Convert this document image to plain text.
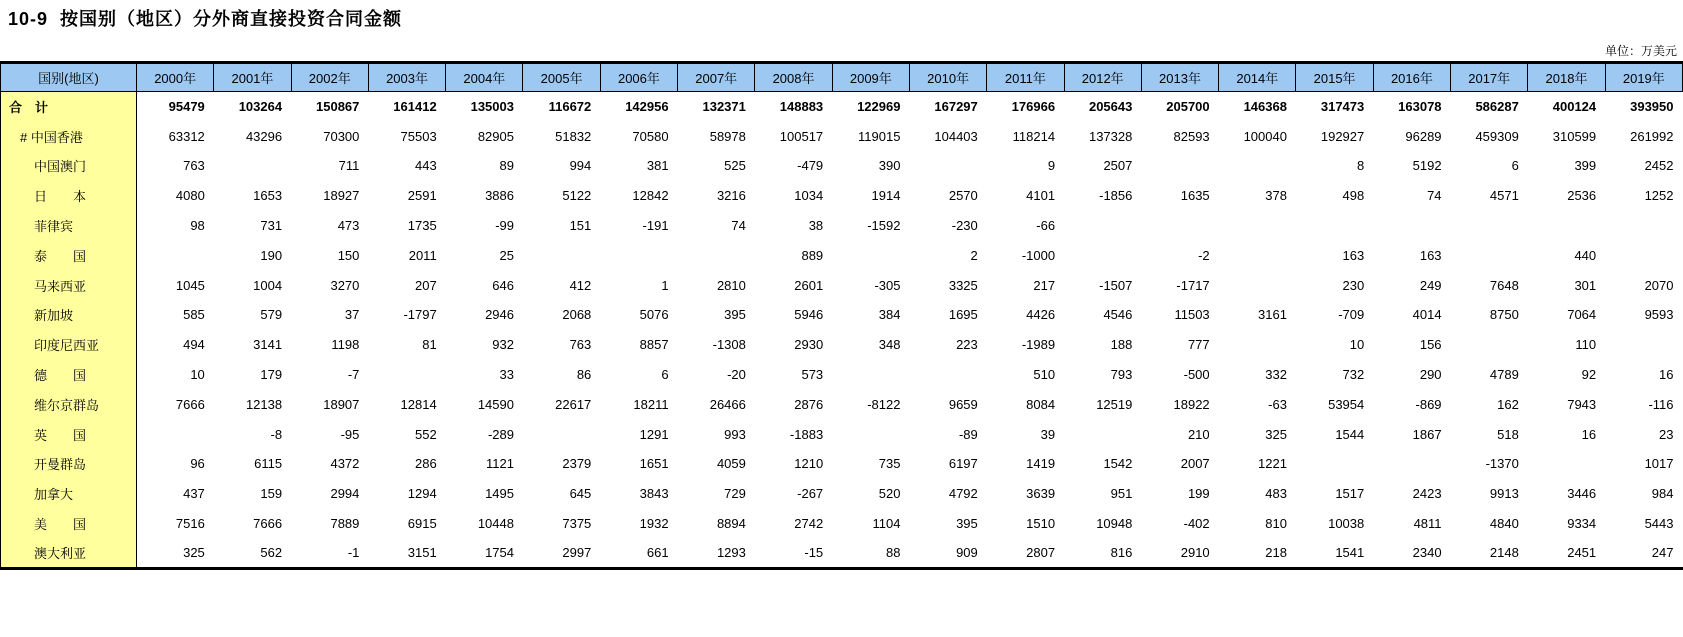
10-9  按国别（地区）分外商直接投资合同金额
单位：万美元
国别(地区)	2000年	2001年	2002年	2003年	2004年	2005年	2006年	2007年	2008年	2009年	2010年	2011年	2012年	2013年	2014年	2015年	2016年	2017年	2018年	2019年
合　计	95479	103264	150867	161412	135003	116672	142956	132371	148883	122969	167297	176966	205643	205700	146368	317473	163078	586287	400124	393950
# 中国香港	63312	43296	70300	75503	82905	51832	70580	58978	100517	119015	104403	118214	137328	82593	100040	192927	96289	459309	310599	261992
中国澳门	763		711	443	89	994	381	525	-479	390		9	2507			8	5192	6	399	2452
日　　本	4080	1653	18927	2591	3886	5122	12842	3216	1034	1914	2570	4101	-1856	1635	378	498	74	4571	2536	1252
菲律宾	98	731	473	1735	-99	151	-191	74	38	-1592	-230	-66								
泰　　国		190	150	2011	25				889		2	-1000		-2		163	163		440	
马来西亚	1045	1004	3270	207	646	412	1	2810	2601	-305	3325	217	-1507	-1717		230	249	7648	301	2070
新加坡	585	579	37	-1797	2946	2068	5076	395	5946	384	1695	4426	4546	11503	3161	-709	4014	8750	7064	9593
印度尼西亚	494	3141	1198	81	932	763	8857	-1308	2930	348	223	-1989	188	777		10	156		110	
德　　国	10	179	-7		33	86	6	-20	573			510	793	-500	332	732	290	4789	92	16
维尔京群岛	7666	12138	18907	12814	14590	22617	18211	26466	2876	-8122	9659	8084	12519	18922	-63	53954	-869	162	7943	-116
英　　国		-8	-95	552	-289		1291	993	-1883		-89	39		210	325	1544	1867	518	16	23
开曼群岛	96	6115	4372	286	1121	2379	1651	4059	1210	735	6197	1419	1542	2007	1221			-1370		1017
加拿大	437	159	2994	1294	1495	645	3843	729	-267	520	4792	3639	951	199	483	1517	2423	9913	3446	984
美　　国	7516	7666	7889	6915	10448	7375	1932	8894	2742	1104	395	1510	10948	-402	810	10038	4811	4840	9334	5443
澳大利亚	325	562	-1	3151	1754	2997	661	1293	-15	88	909	2807	816	2910	218	1541	2340	2148	2451	247
